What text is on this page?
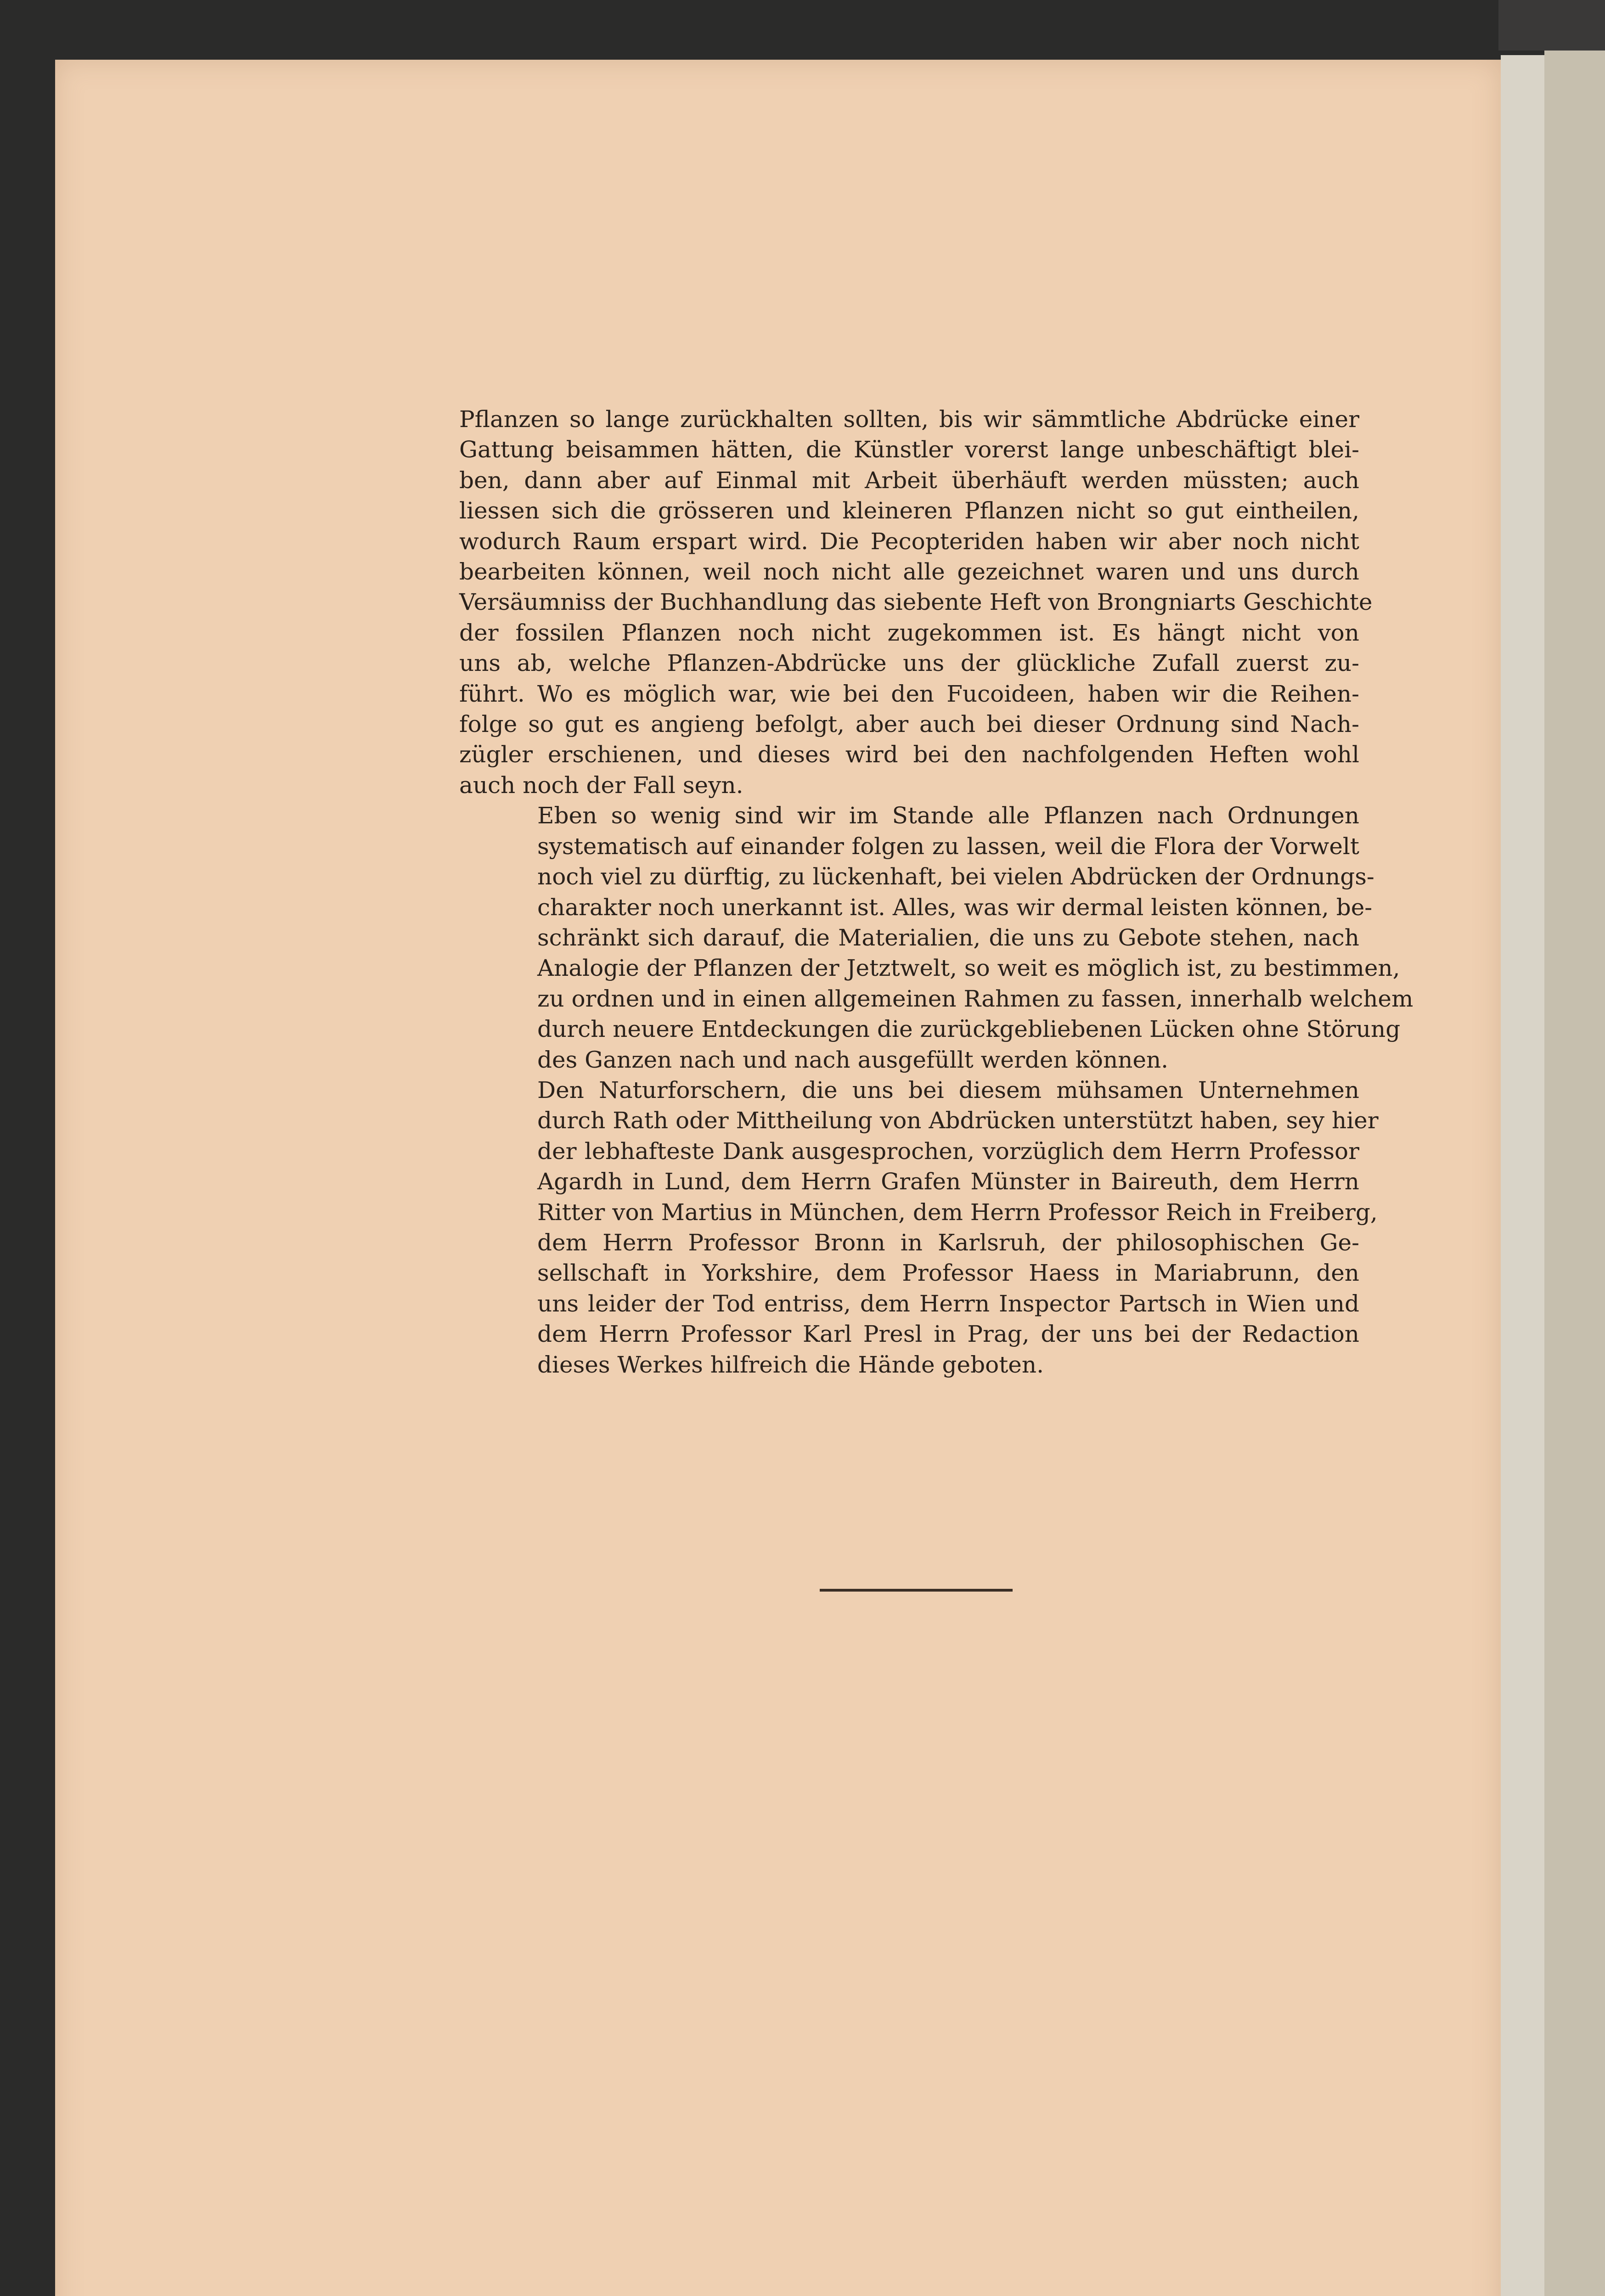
Pflanzen so lange zurückhalten sollten, bis wir sämmtliche Abdrücke einer
Gattung beisammen hätten, die Künstler vorerst lange unbeschäftigt blei-
ben, dann aber auf Einmal mit Arbeit überhäuft werden müssten; auch
liessen sich die grösseren und kleineren Pflanzen nicht so gut eintheilen,
wodurch Raum erspart wird. Die Pecopteriden haben wir aber noch nicht
bearbeiten können, weil noch nicht alle gezeichnet waren und uns durch
Versäumniss der Buchhandlung das siebente Heft von Brongniarts Geschichte
der fossilen Pflanzen noch nicht zugekommen ist. Es hängt nicht von
uns ab, welche Pflanzen-Abdrücke uns der glückliche Zufall zuerst zu-
führt. Wo es möglich war, wie bei den Fucoideen, haben wir die Reihen-
folge so gut es angieng befolgt, aber auch bei dieser Ordnung sind Nach-
zügler erschienen, und dieses wird bei den nachfolgenden Heften wohl
auch noch der Fall seyn.

Eben so wenig sind wir im Stande alle Pflanzen nach Ordnungen
systematisch auf einander folgen zu lassen, weil die Flora der Vorwelt
noch viel zu dürftig, zu lückenhaft, bei vielen Abdrücken der Ordnungs-
charakter noch unerkannt ist. Alles, was wir dermal leisten können, be-
schränkt sich darauf, die Materialien, die uns zu Gebote stehen, nach
Analogie der Pflanzen der Jetztwelt, so weit es möglich ist, zu bestimmen,
zu ordnen und in einen allgemeinen Rahmen zu fassen, innerhalb welchem
durch neuere Entdeckungen die zurückgebliebenen Lücken ohne Störung
des Ganzen nach und nach ausgefüllt werden können.

Den Naturforschern, die uns bei diesem mühsamen Unternehmen
durch Rath oder Mittheilung von Abdrücken unterstützt haben, sey hier
der lebhafteste Dank ausgesprochen, vorzüglich dem Herrn Professor
Agardh in Lund, dem Herrn Grafen Münster in Baireuth, dem Herrn
Ritter von Martius in München, dem Herrn Professor Reich in Freiberg,
dem Herrn Professor Bronn in Karlsruh, der philosophischen Ge-
sellschaft in Yorkshire, dem Professor Haess in Mariabrunn, den
uns leider der Tod entriss, dem Herrn Inspector Partsch in Wien und
dem Herrn Professor Karl Presl in Prag, der uns bei der Redaction
dieses Werkes hilfreich die Hände geboten.
